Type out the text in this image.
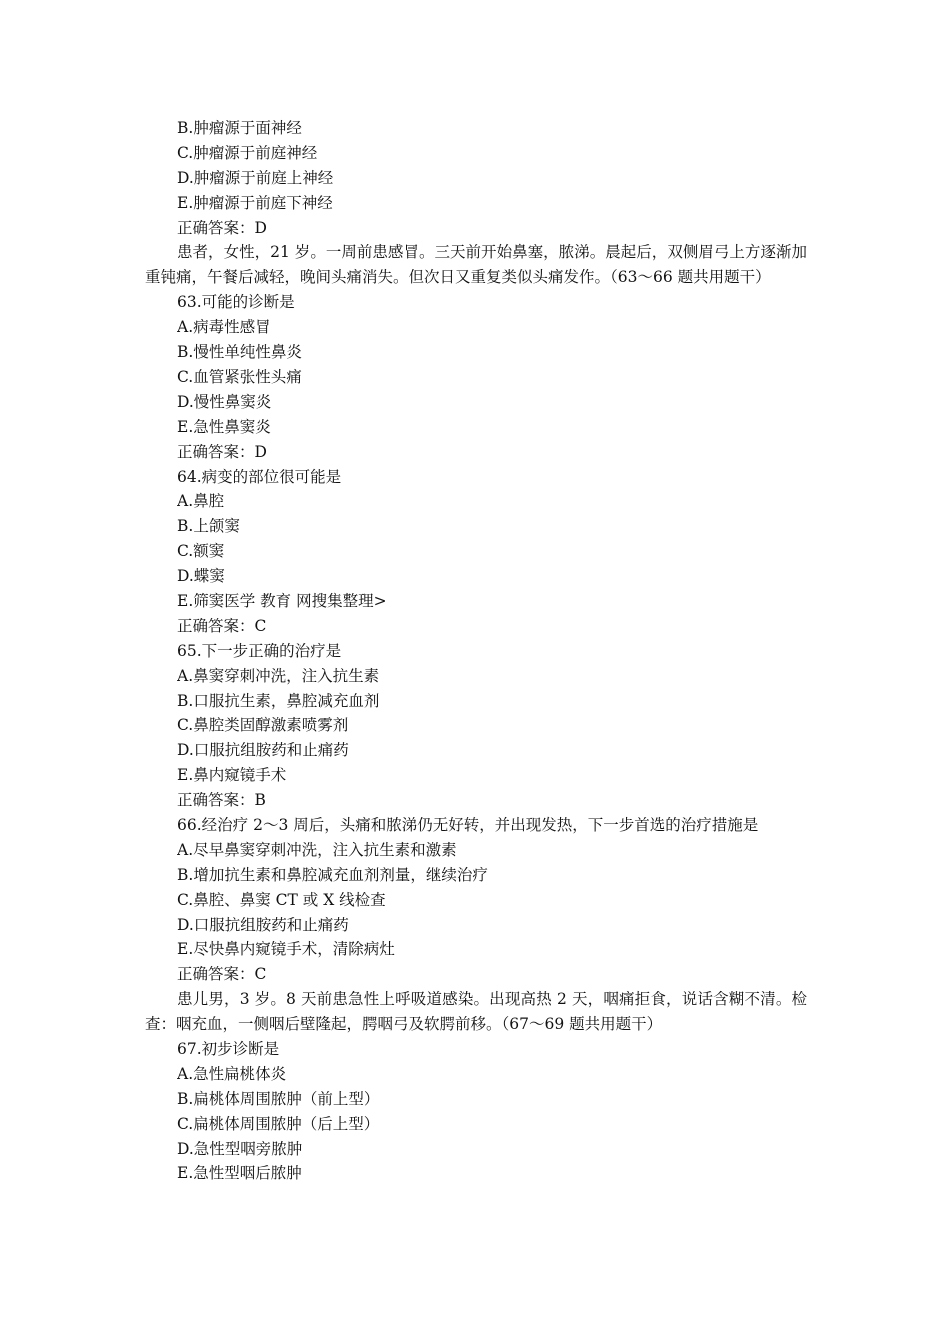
B.肿瘤源于面神经
C.肿瘤源于前庭神经
D.肿瘤源于前庭上神经
E.肿瘤源于前庭下神经
正确答案：D
患者，女性，21 岁。一周前患感冒。三天前开始鼻塞，脓涕。晨起后，双侧眉弓上方逐渐加重钝痛，午餐后减轻，晚间头痛消失。但次日又重复类似头痛发作。（63～66 题共用题干）
63.可能的诊断是
A.病毒性感冒
B.慢性单纯性鼻炎
C.血管紧张性头痛
D.慢性鼻窦炎
E.急性鼻窦炎
正确答案：D
64.病变的部位很可能是
A.鼻腔
B.上颌窦
C.额窦
D.蝶窦
E.筛窦医学 教育 网搜集整理>
正确答案：C
65.下一步正确的治疗是
A.鼻窦穿刺冲洗，注入抗生素
B.口服抗生素，鼻腔减充血剂
C.鼻腔类固醇激素喷雾剂
D.口服抗组胺药和止痛药
E.鼻内窥镜手术
正确答案：B
66.经治疗 2～3 周后，头痛和脓涕仍无好转，并出现发热，下一步首选的治疗措施是
A.尽早鼻窦穿刺冲洗，注入抗生素和激素
B.增加抗生素和鼻腔减充血剂剂量，继续治疗
C.鼻腔、鼻窦 CT 或 X 线检查
D.口服抗组胺药和止痛药
E.尽快鼻内窥镜手术，清除病灶
正确答案：C
患儿男，3 岁。8 天前患急性上呼吸道感染。出现高热 2 天，咽痛拒食，说话含糊不清。检查：咽充血，一侧咽后壁隆起，腭咽弓及软腭前移。（67～69 题共用题干）
67.初步诊断是
A.急性扁桃体炎
B.扁桃体周围脓肿（前上型）
C.扁桃体周围脓肿（后上型）
D.急性型咽旁脓肿
E.急性型咽后脓肿
